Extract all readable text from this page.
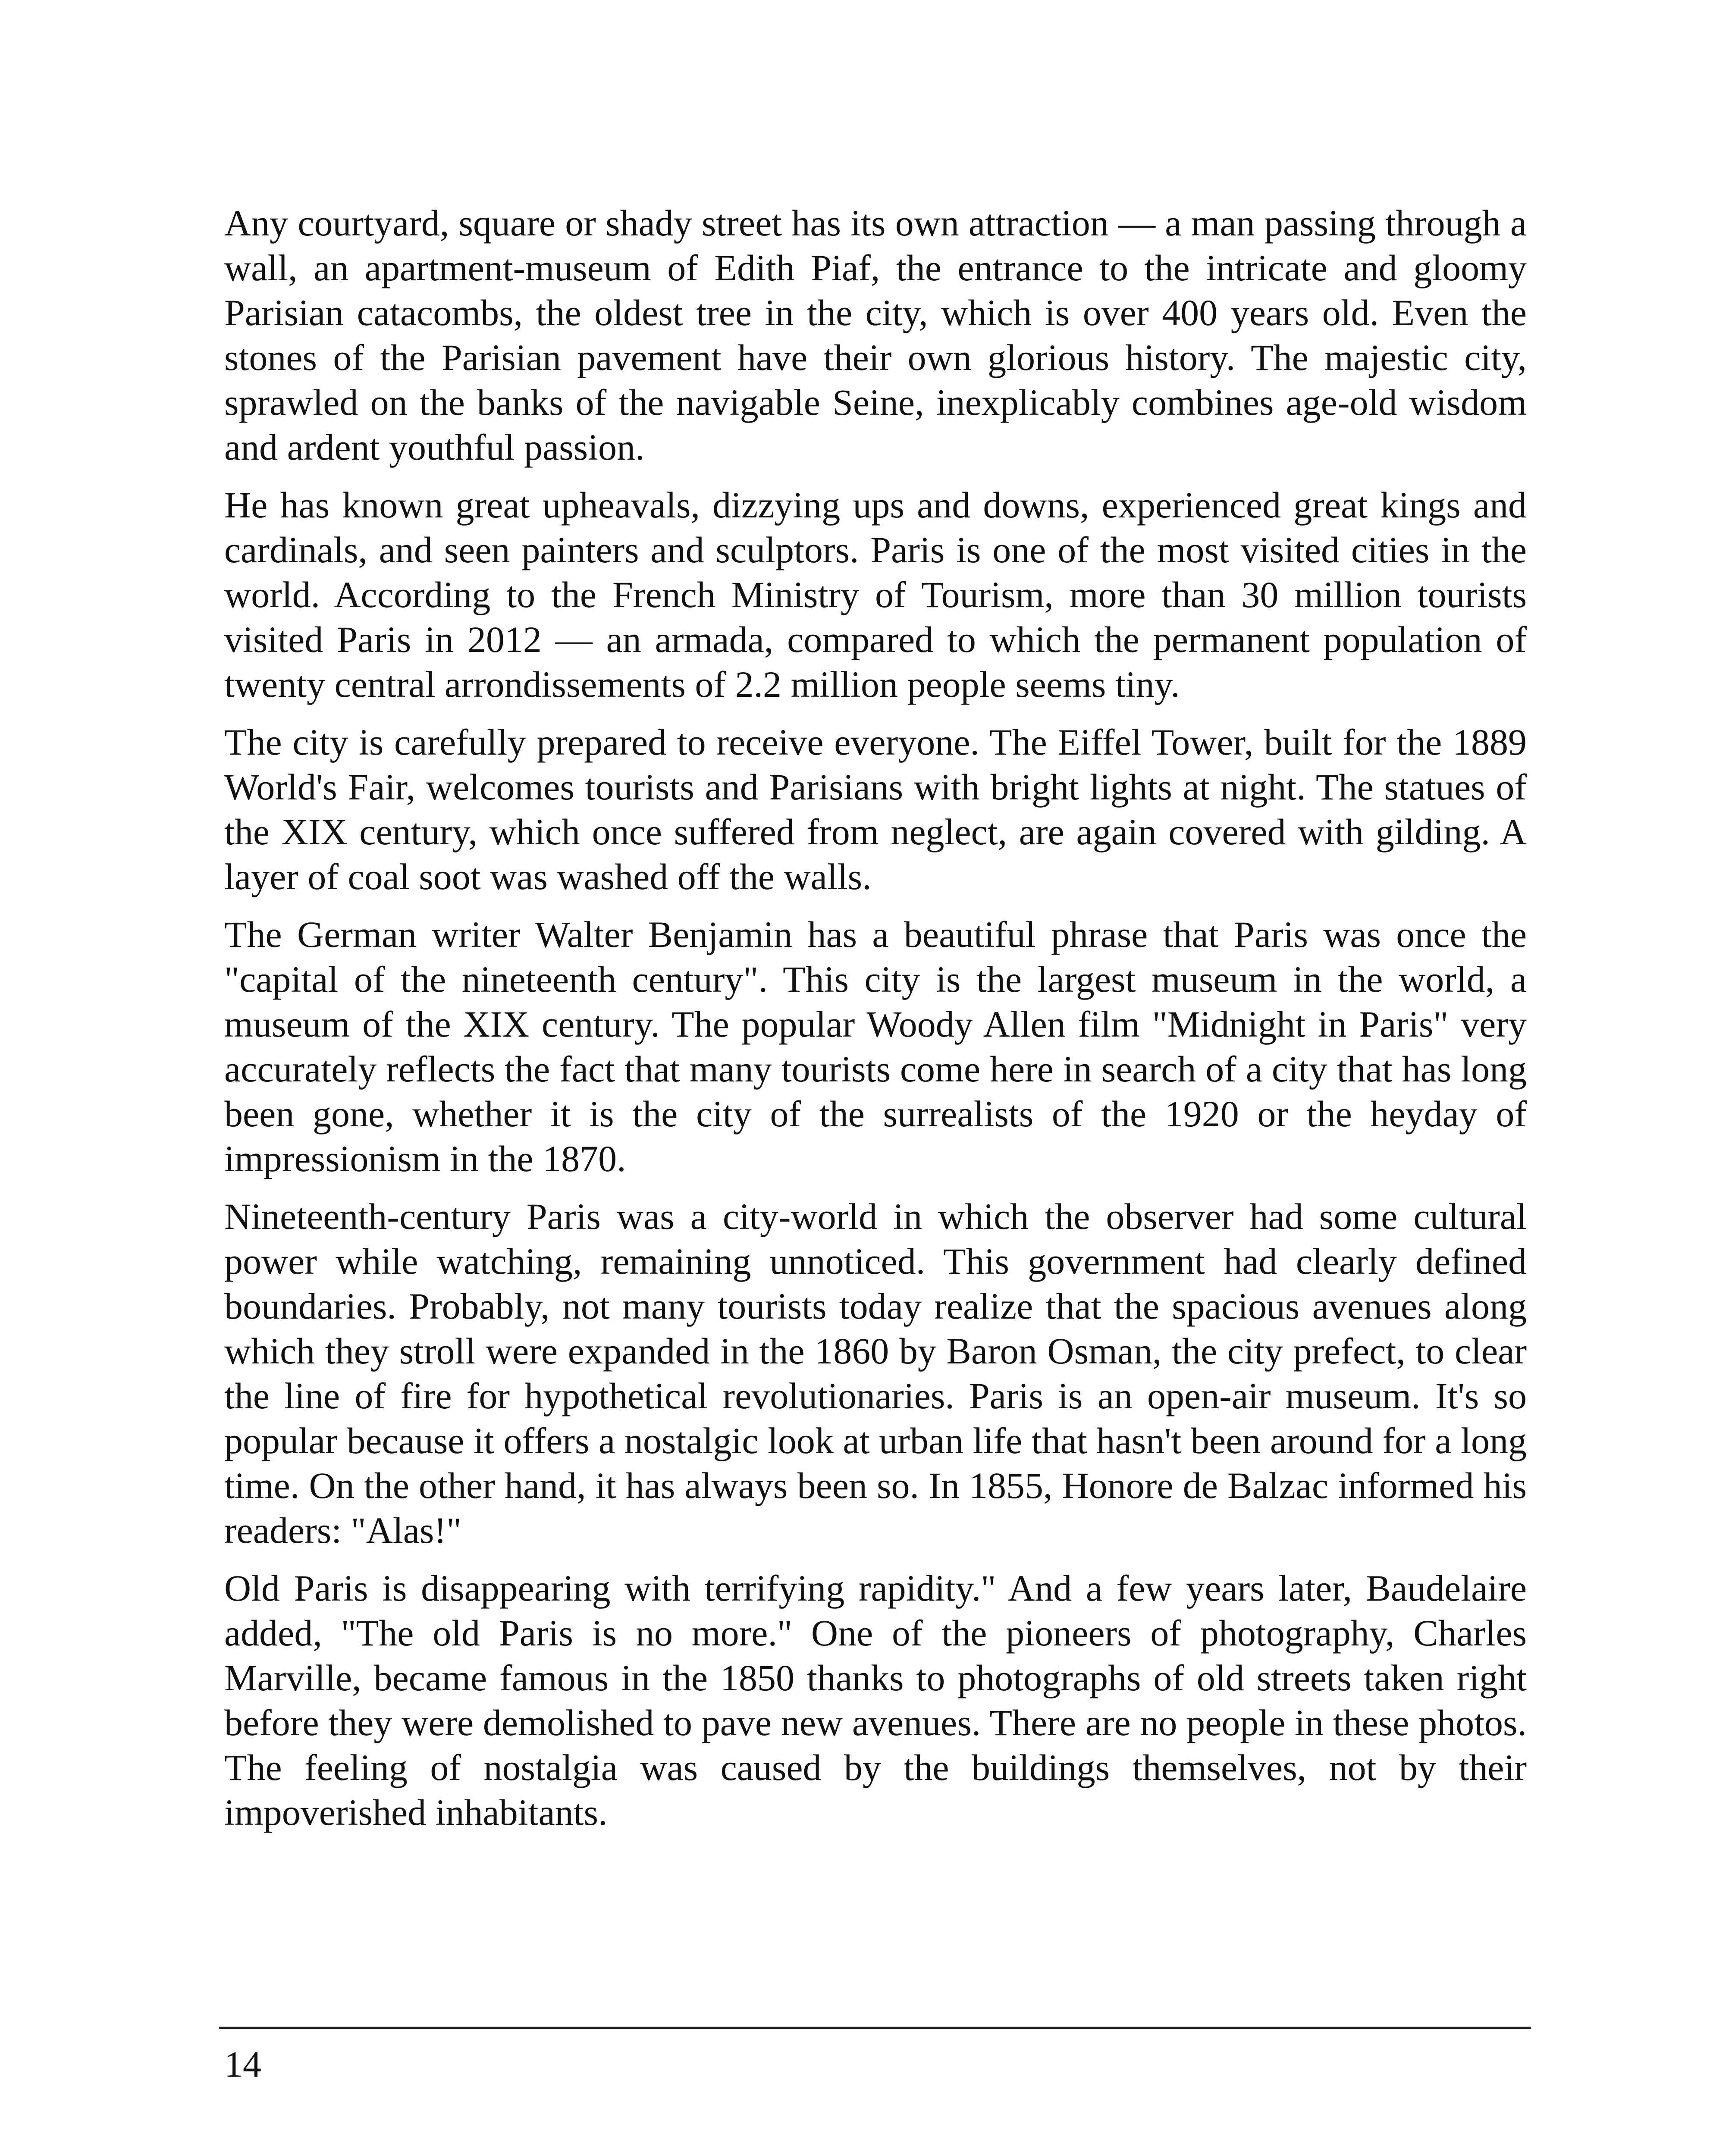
Any courtyard, square or shady street has its own attraction — a man passing through a wall, an apartment-museum of Edith Piaf, the entrance to the intricate and gloomy Parisian catacombs, the oldest tree in the city, which is over 400 years old. Even the stones of the Parisian pavement have their own glorious history. The majestic city, sprawled on the banks of the navigable Seine, inexplicably combines age-old wisdom and ardent youthful passion.

He has known great upheavals, dizzying ups and downs, experienced great kings and cardinals, and seen painters and sculptors. Paris is one of the most visited cities in the world. According to the French Ministry of Tourism, more than 30 million tourists visited Paris in 2012 — an armada, compared to which the permanent population of twenty central arrondissements of 2.2 million people seems tiny.

The city is carefully prepared to receive everyone. The Eiffel Tower, built for the 1889 World's Fair, welcomes tourists and Parisians with bright lights at night. The statues of the XIX century, which once suffered from neglect, are again covered with gilding. A layer of coal soot was washed off the walls.

The German writer Walter Benjamin has a beautiful phrase that Paris was once the "capital of the nineteenth century". This city is the largest museum in the world, a museum of the XIX century. The popular Woody Allen film "Midnight in Paris" very accurately reflects the fact that many tourists come here in search of a city that has long been gone, whether it is the city of the surrealists of the 1920 or the heyday of impressionism in the 1870.

Nineteenth-century Paris was a city-world in which the observer had some cultural power while watching, remaining unnoticed. This government had clearly defined boundaries. Probably, not many tourists today realize that the spacious avenues along which they stroll were expanded in the 1860 by Baron Osman, the city prefect, to clear the line of fire for hypothetical revolutionaries. Paris is an open-air museum. It's so popular because it offers a nostalgic look at urban life that hasn't been around for a long time. On the other hand, it has always been so. In 1855, Honore de Balzac informed his readers: "Alas!"

Old Paris is disappearing with terrifying rapidity." And a few years later, Baudelaire added, "The old Paris is no more." One of the pioneers of photography, Charles Marville, became famous in the 1850 thanks to photographs of old streets taken right before they were demolished to pave new avenues. There are no people in these photos. The feeling of nostalgia was caused by the buildings themselves, not by their impoverished inhabitants.

14
